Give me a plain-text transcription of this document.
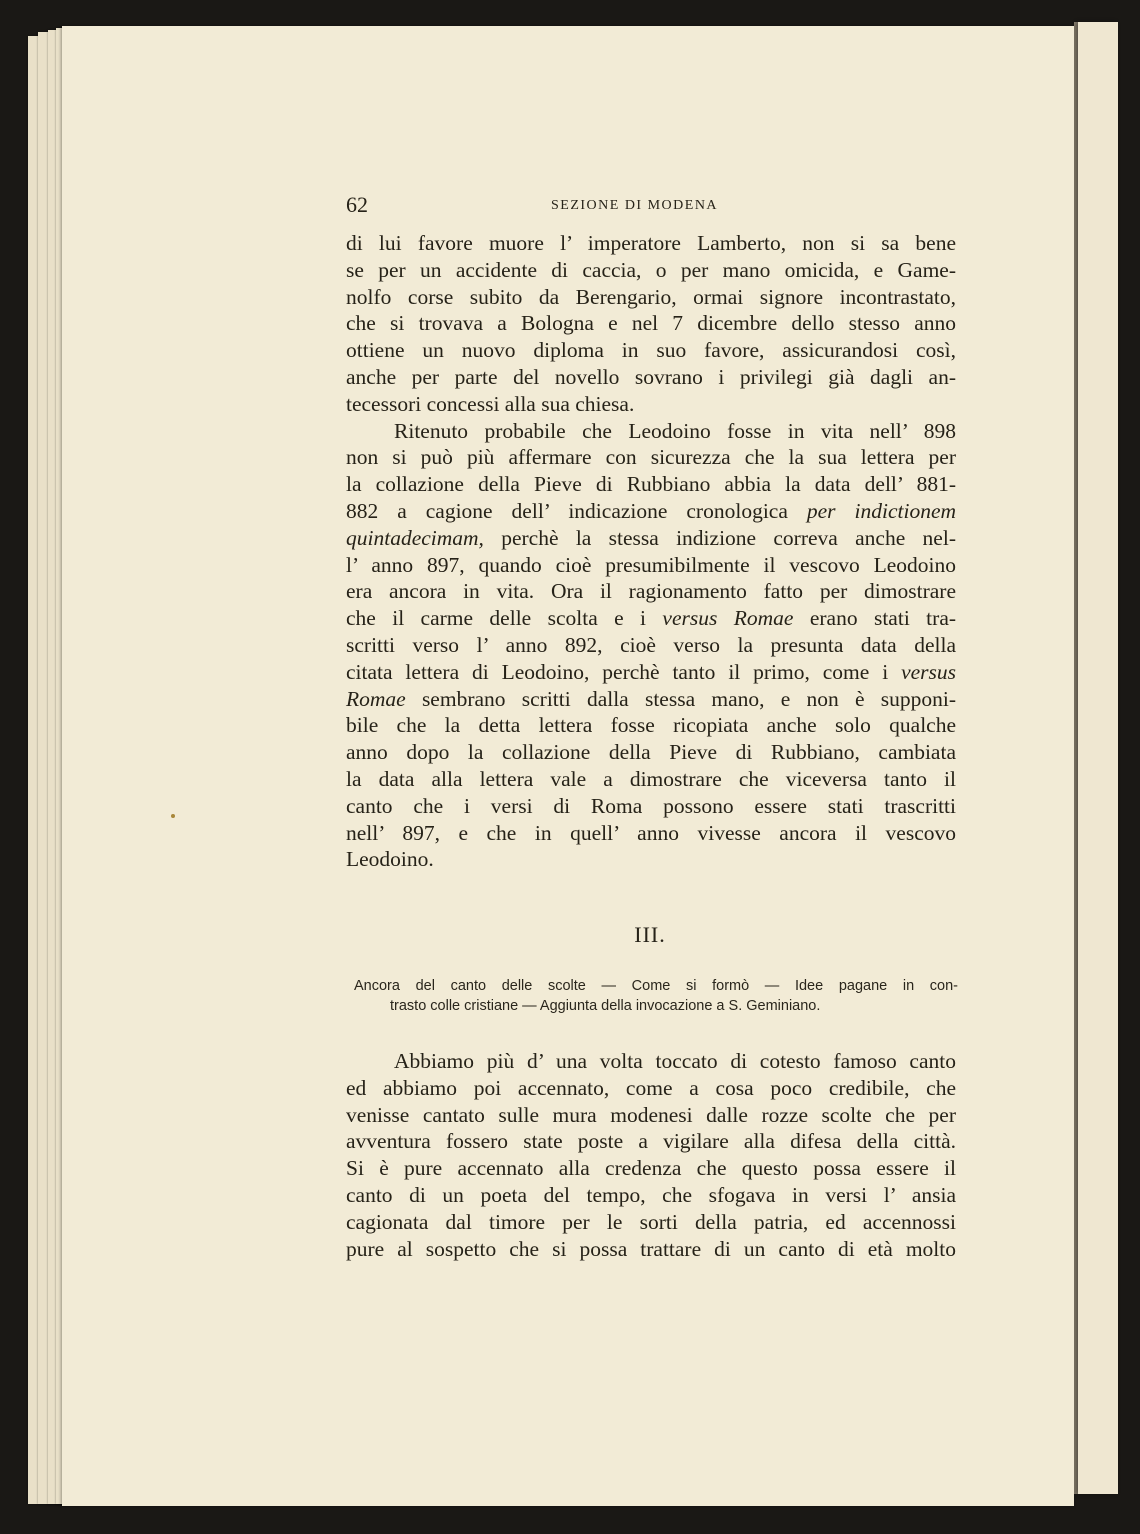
62	SEZIONE DI MODENA
di lui favore muore l’ imperatore Lamberto, non si sa bene
se per un accidente di caccia, o per mano omicida, e Game-
nolfo corse subito da Berengario, ormai signore incontrastato,
che si trovava a Bologna e nel 7 dicembre dello stesso anno
ottiene un nuovo diploma in suo favore, assicurandosi così,
anche per parte del novello sovrano i privilegi già dagli an-
tecessori concessi alla sua chiesa.
Ritenuto probabile che Leodoino fosse in vita nell’ 898
non si può più affermare con sicurezza che la sua lettera per
la collazione della Pieve di Rubbiano abbia la data dell’ 881-
882 a cagione dell’ indicazione cronologica per indictionem
quintadecimam, perchè la stessa indizione correva anche nel-
l’ anno 897, quando cioè presumibilmente il vescovo Leodoino
era ancora in vita. Ora il ragionamento fatto per dimostrare
che il carme delle scolta e i versus Romae erano stati tra-
scritti verso l’ anno 892, cioè verso la presunta data della
citata lettera di Leodoino, perchè tanto il primo, come i versus
Romae sembrano scritti dalla stessa mano, e non è supponi-
bile che la detta lettera fosse ricopiata anche solo qualche
anno dopo la collazione della Pieve di Rubbiano, cambiata
la data alla lettera vale a dimostrare che viceversa tanto il
canto che i versi di Roma possono essere stati trascritti
nell’ 897, e che in quell’ anno vivesse ancora il vescovo
Leodoino.
III.
Ancora del canto delle scolte — Come si formò — Idee pagane in con-
trasto colle cristiane — Aggiunta della invocazione a S. Geminiano.
Abbiamo più d’ una volta toccato di cotesto famoso canto
ed abbiamo poi accennato, come a cosa poco credibile, che
venisse cantato sulle mura modenesi dalle rozze scolte che per
avventura fossero state poste a vigilare alla difesa della città.
Si è pure accennato alla credenza che questo possa essere il
canto di un poeta del tempo, che sfogava in versi l’ ansia
cagionata dal timore per le sorti della patria, ed accennossi
pure al sospetto che si possa trattare di un canto di età molto
